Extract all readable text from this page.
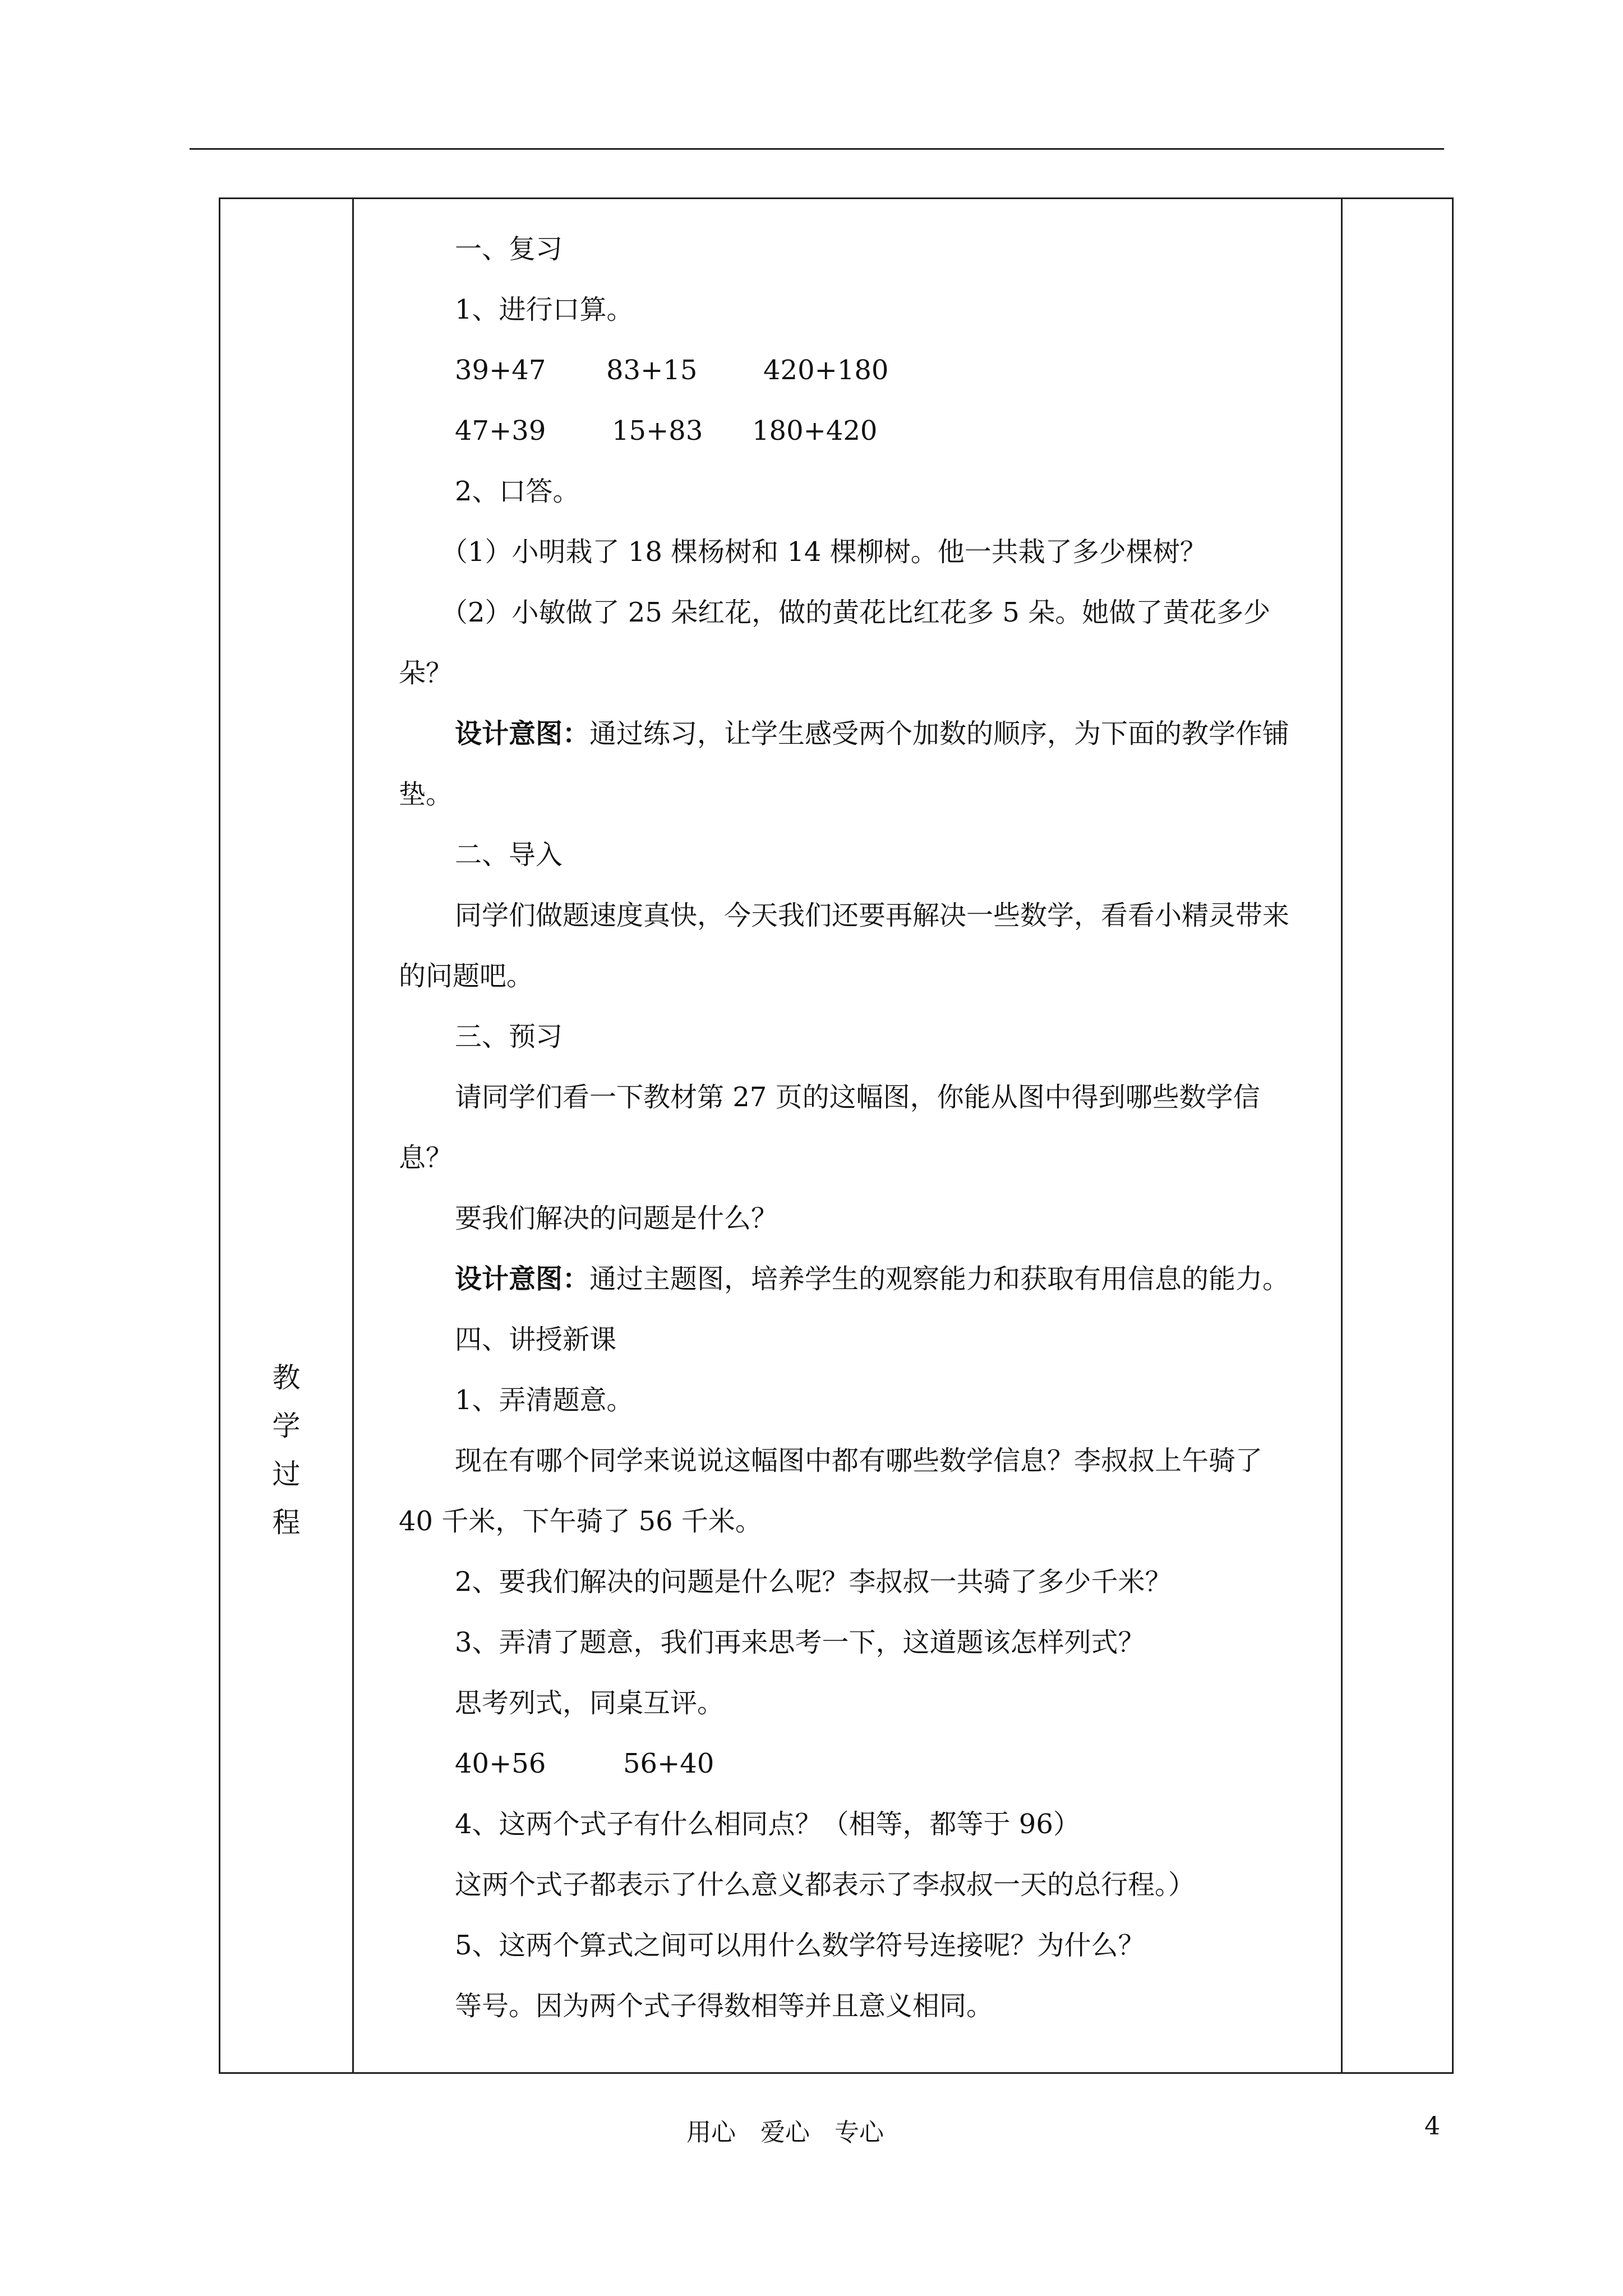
教
学
过
程

一、复习

1、进行口算。

39+47	83+15	420+180
47+39	15+83	180+420

2、口答。

（1）小明栽了 18 棵杨树和 14 棵柳树。他一共栽了多少棵树？

（2）小敏做了 25 朵红花，做的黄花比红花多 5 朵。她做了黄花多少朵？

设计意图：通过练习，让学生感受两个加数的顺序，为下面的教学作铺垫。

二、导入

同学们做题速度真快，今天我们还要再解决一些数学，看看小精灵带来的问题吧。

三、预习

请同学们看一下教材第 27 页的这幅图，你能从图中得到哪些数学信息？

要我们解决的问题是什么？

设计意图：通过主题图，培养学生的观察能力和获取有用信息的能力。

四、讲授新课

1、弄清题意。

现在有哪个同学来说说这幅图中都有哪些数学信息？李叔叔上午骑了 40 千米，下午骑了 56 千米。

2、要我们解决的问题是什么呢？李叔叔一共骑了多少千米？

3、弄清了题意，我们再来思考一下，这道题该怎样列式？

思考列式，同桌互评。

40+56	56+40

4、这两个式子有什么相同点？（相等，都等于 96）

这两个式子都表示了什么意义都表示了李叔叔一天的总行程。）

5、这两个算式之间可以用什么数学符号连接呢？为什么？

等号。因为两个式子得数相等并且意义相同。

用心　爱心　专心	4
